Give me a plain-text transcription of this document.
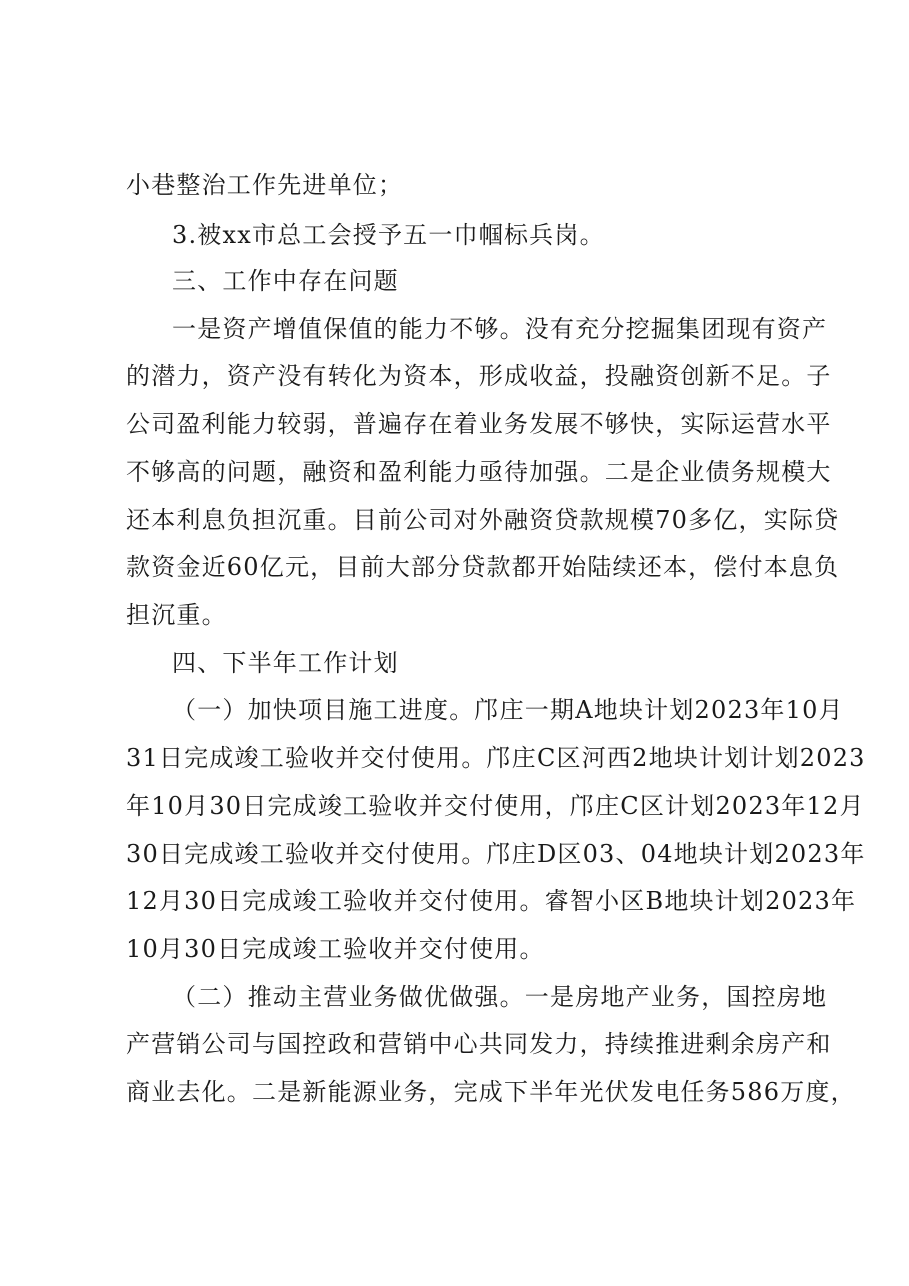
小巷整治工作先进单位；
3.被xx市总工会授予五一巾帼标兵岗。
三、工作中存在问题
一是资产增值保值的能力不够。没有充分挖掘集团现有资产
的潜力，资产没有转化为资本，形成收益，投融资创新不足。子
公司盈利能力较弱，普遍存在着业务发展不够快，实际运营水平
不够高的问题，融资和盈利能力亟待加强。二是企业债务规模大
还本利息负担沉重。目前公司对外融资贷款规模70多亿，实际贷
款资金近60亿元，目前大部分贷款都开始陆续还本，偿付本息负
担沉重。
四、下半年工作计划
（一）加快项目施工进度。邝庄一期A地块计划2023年10月
31日完成竣工验收并交付使用。邝庄C区河西2地块计划计划2023
年10月30日完成竣工验收并交付使用，邝庄C区计划2023年12月
30日完成竣工验收并交付使用。邝庄D区03、04地块计划2023年
12月30日完成竣工验收并交付使用。睿智小区B地块计划2023年
10月30日完成竣工验收并交付使用。
（二）推动主营业务做优做强。一是房地产业务，国控房地
产营销公司与国控政和营销中心共同发力，持续推进剩余房产和
商业去化。二是新能源业务，完成下半年光伏发电任务586万度，
